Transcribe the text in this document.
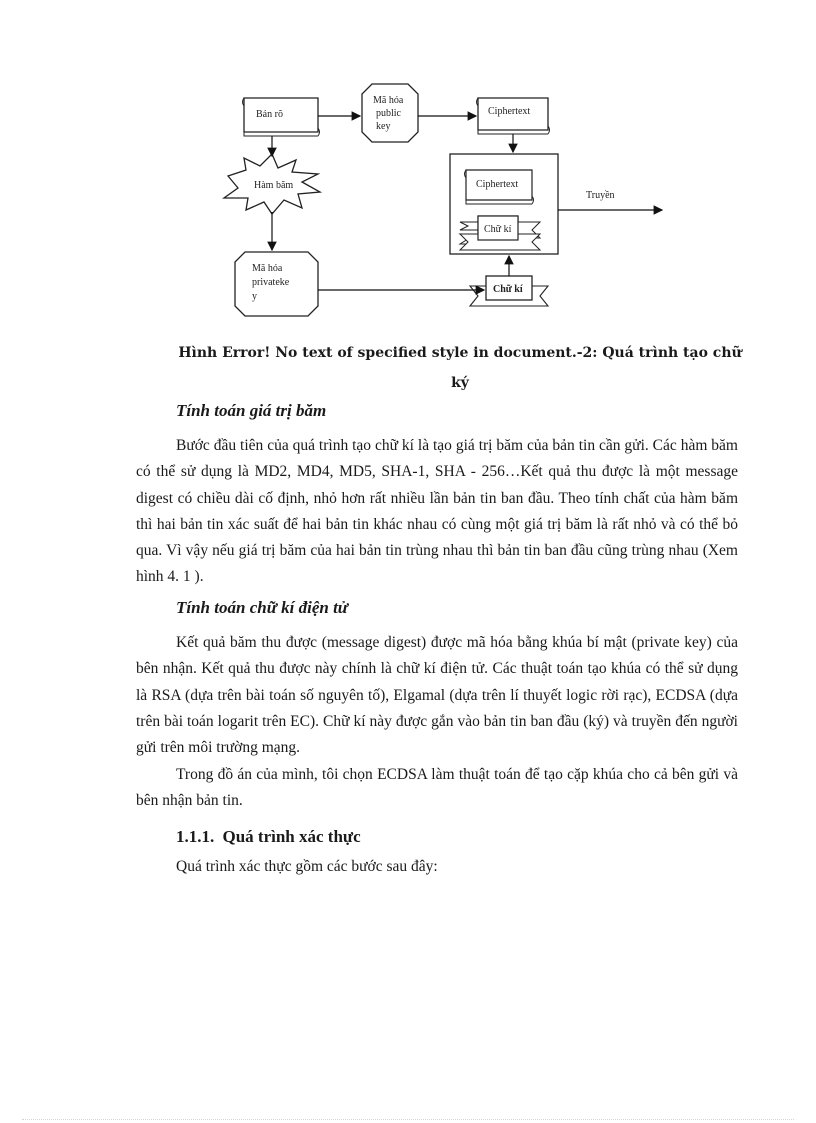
Bản rõ
Mã hóa
public
key
Ciphertext
Hàm băm
Mã hóa
privateke
y
Ciphertext
Chữ kí
Truyền
Chữ kí
Hình Error! No text of specified style in document.-2: Quá trình tạo chữ
ký
Tính toán giá trị băm

Bước đầu tiên của quá trình tạo chữ kí là tạo giá trị băm của bản tin cần gửi. Các hàm băm có thể sử dụng là MD2, MD4, MD5, SHA-1, SHA - 256…Kết quả thu được là một message digest có chiều dài cố định, nhỏ hơn rất nhiều lần bản tin ban đầu. Theo tính chất của hàm băm thì hai bản tin xác suất để hai bản tin khác nhau có cùng một giá trị băm là rất nhỏ và có thể bỏ qua. Vì vậy nếu giá trị băm của hai bản tin trùng nhau thì bản tin ban đầu cũng trùng nhau (Xem hình 4. 1 ).

Tính toán chữ kí điện tử

Kết quả băm thu được (message digest) được mã hóa bằng khúa bí mật (private key) của bên nhận. Kết quả thu được này chính là chữ kí điện tử. Các thuật toán tạo khúa có thể sử dụng là RSA (dựa trên bài toán số nguyên tố), Elgamal (dựa trên lí thuyết logic rời rạc), ECDSA (dựa trên bài toán logarit trên EC). Chữ kí này được gắn vào bản tin ban đầu (ký) và truyền đến người gửi trên môi trường mạng.

Trong đồ án của mình, tôi chọn ECDSA làm thuật toán để tạo cặp khúa cho cả bên gửi và bên nhận bản tin.

1.1.1. Quá trình xác thực
Quá trình xác thực gồm các bước sau đây:
